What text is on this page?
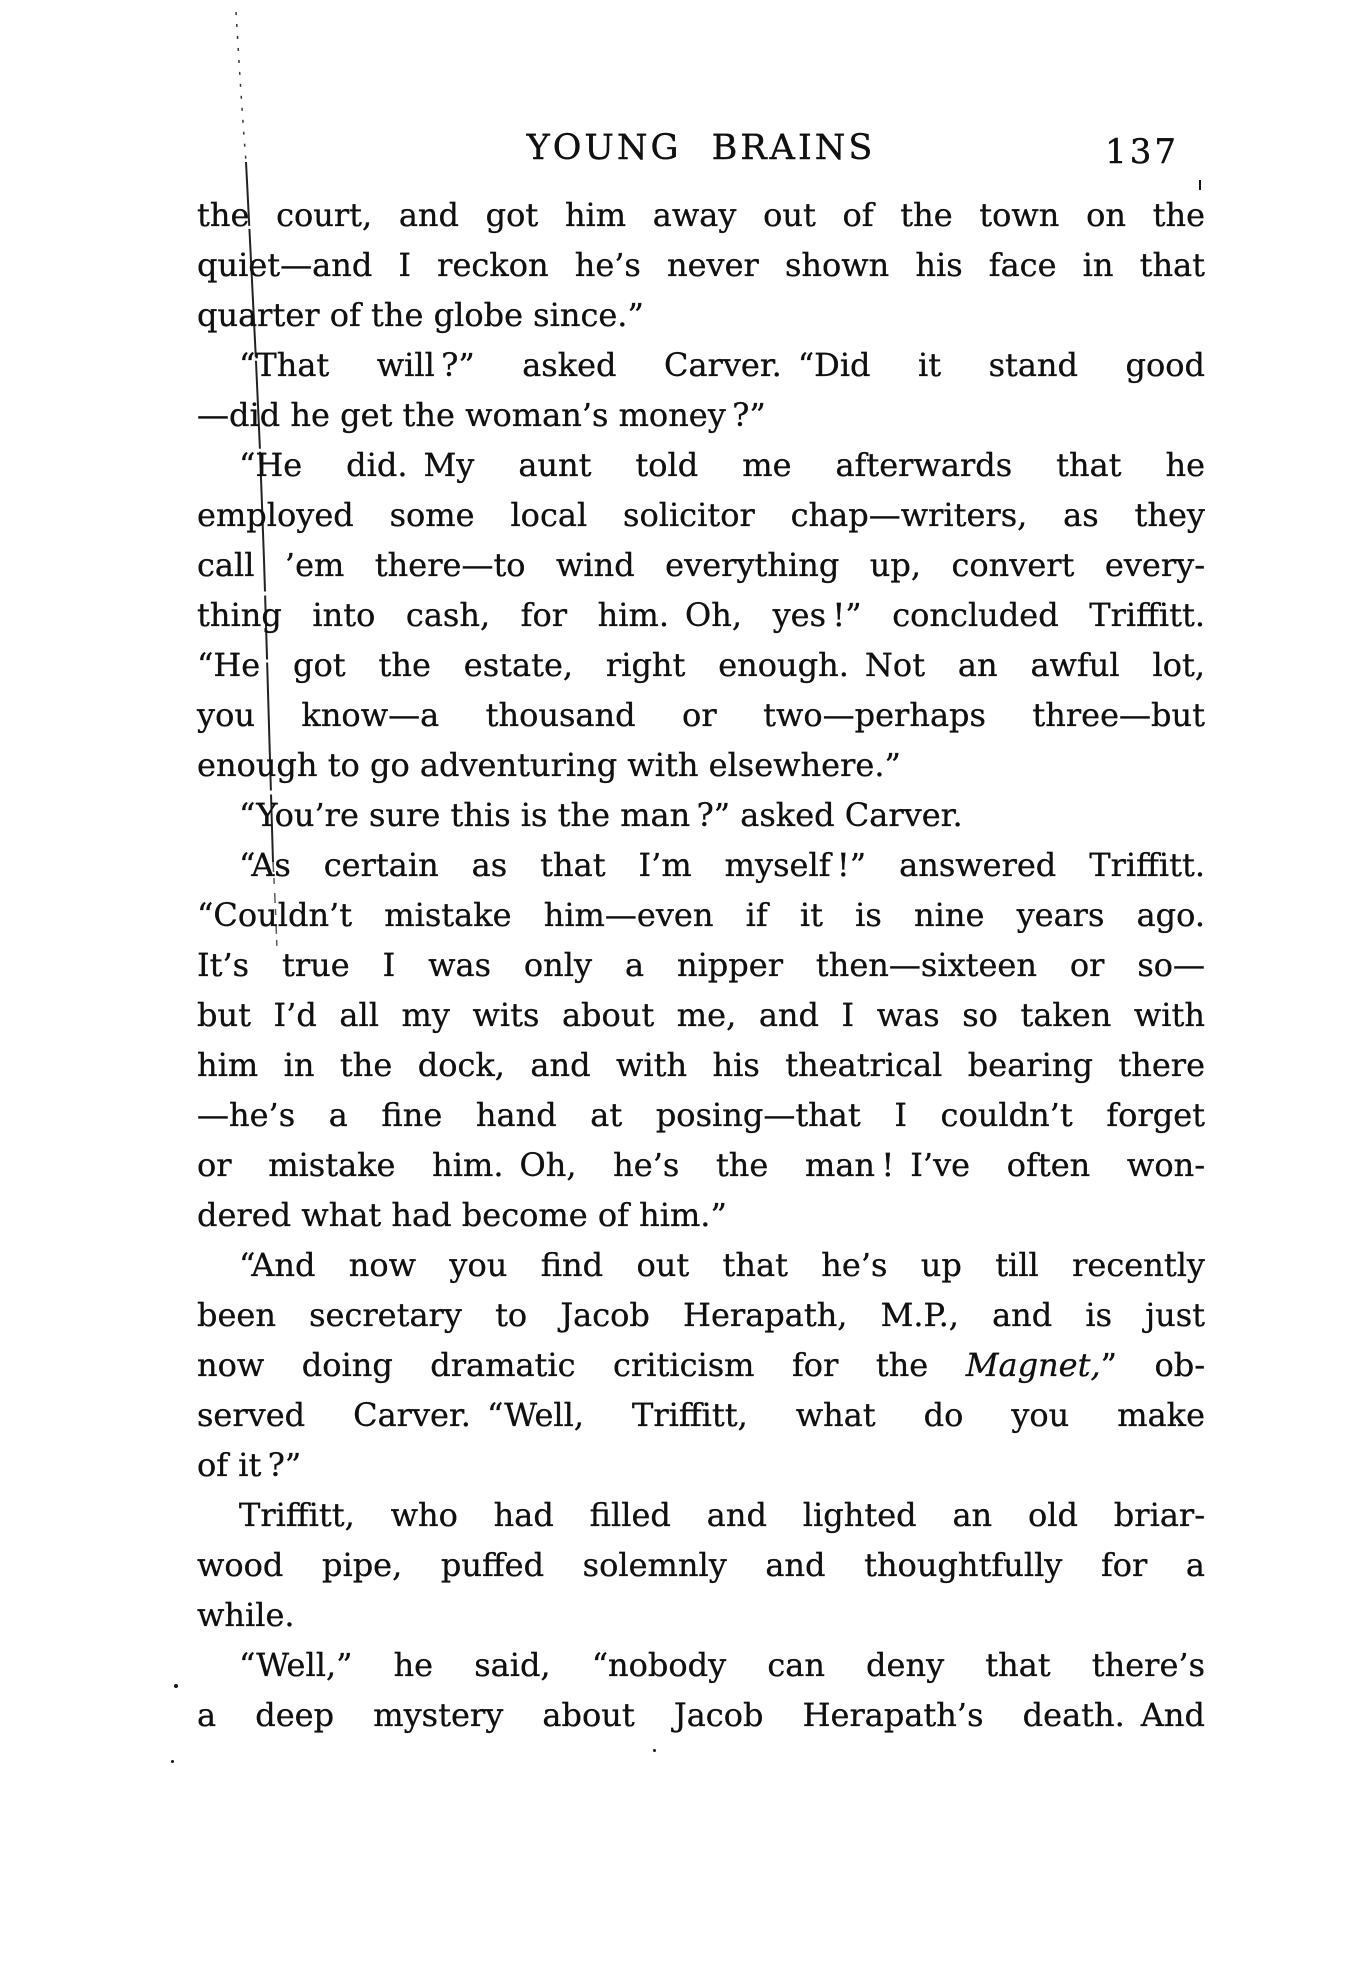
YOUNG BRAINS	137
the court, and got him away out of the town on the
quiet—and I reckon he’s never shown his face in that
quarter of the globe since.”
“That will ?” asked Carver. “Did it stand good
—did he get the woman’s money ?”
“He did. My aunt told me afterwards that he
employed some local solicitor chap—writers, as they
call ’em there—to wind everything up, convert every-
thing into cash, for him. Oh, yes !” concluded Triffitt.
“He got the estate, right enough. Not an awful lot,
you know—a thousand or two—perhaps three—but
enough to go adventuring with elsewhere.”
“You’re sure this is the man ?” asked Carver.
“As certain as that I’m myself !” answered Triffitt.
“Couldn’t mistake him—even if it is nine years ago.
It’s true I was only a nipper then—sixteen or so—
but I’d all my wits about me, and I was so taken with
him in the dock, and with his theatrical bearing there
—he’s a fine hand at posing—that I couldn’t forget
or mistake him. Oh, he’s the man ! I’ve often won-
dered what had become of him.”
“And now you find out that he’s up till recently
been secretary to Jacob Herapath, M.P., and is just
now doing dramatic criticism for the Magnet,” ob-
served Carver. “Well, Triffitt, what do you make
of it ?”
Triffitt, who had filled and lighted an old briar-
wood pipe, puffed solemnly and thoughtfully for a
while.
“Well,” he said, “nobody can deny that there’s
a deep mystery about Jacob Herapath’s death. And
